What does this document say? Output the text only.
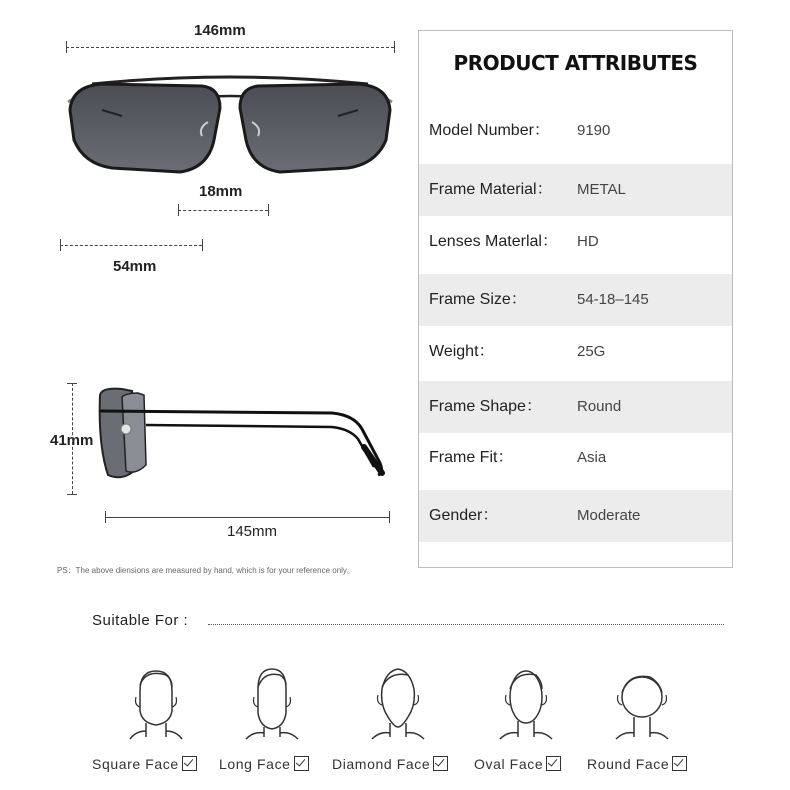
146mm
18mm
54mm
41mm
145mm
PRODUCT ATTRIBUTES
Model Number： 9190
Frame Material： METAL
Lenses Materlal： HD
Frame Size：	54‐18–145
Weight：	25G
Frame Shape： Round
Frame Fit：	Asia
Gender：	Moderate
PS：The above diensions are measured by hand, which is for your reference only。
Suitable For :
Square Face	Long Face	Diamond Face	Oval Face	Round Face
